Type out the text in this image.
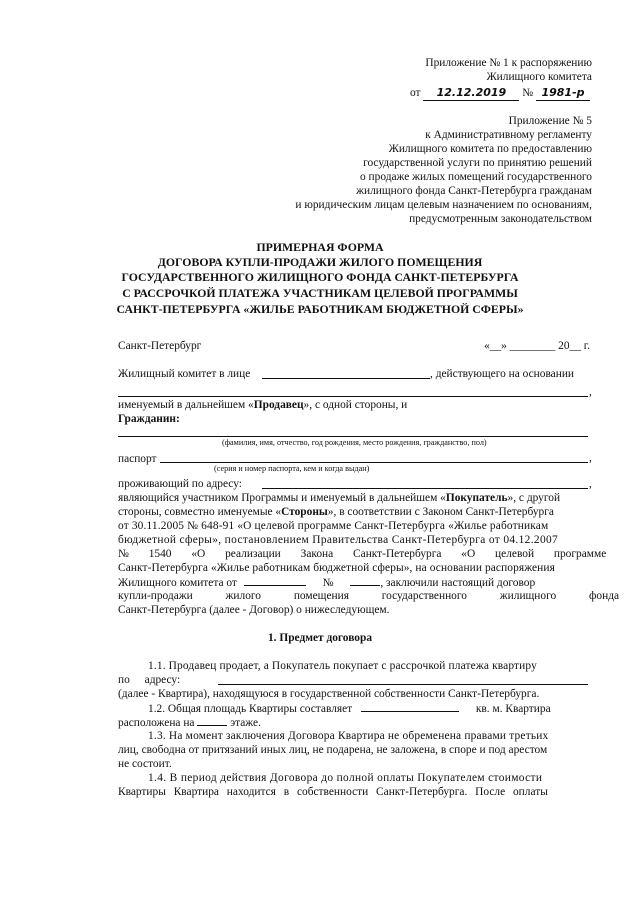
Приложение № 1 к распоряжению
Жилищного комитета
от 12.12.2019 № 1981-р
Приложение № 5
к Административному регламенту
Жилищного комитета по предоставлению
государственной услуги по принятию решений
о продаже жилых помещений государственного
жилищного фонда Санкт-Петербурга гражданам
и юридическим лицам целевым назначением по основаниям,
предусмотренным законодательством
ПРИМЕРНАЯ ФОРМА
ДОГОВОРА КУПЛИ-ПРОДАЖИ ЖИЛОГО ПОМЕЩЕНИЯ
ГОСУДАРСТВЕННОГО ЖИЛИЩНОГО ФОНДА САНКТ-ПЕТЕРБУРГА
С РАССРОЧКОЙ ПЛАТЕЖА УЧАСТНИКАМ ЦЕЛЕВОЙ ПРОГРАММЫ
САНКТ-ПЕТЕРБУРГА «ЖИЛЬЕ РАБОТНИКАМ БЮДЖЕТНОЙ СФЕРЫ»
Санкт-Петербург	«__» ________ 20__ г.
Жилищный комитет в лице	, действующего на основании
,
именуемый в дальнейшем «Продавец», с одной стороны, и
Гражданин:
(фамилия, имя, отчество, год рождения, место рождения, гражданство, пол)
паспорт	,
(серия и номер паспорта, кем и когда выдан)
проживающий по адресу:	,
являющийся участником Программы и именуемый в дальнейшем «Покупатель», с другой
стороны, совместно именуемые «Стороны», в соответствии с Законом Санкт-Петербурга
от 30.11.2005 № 648-91 «О целевой программе Санкт-Петербурга «Жилье работникам
бюджетной сферы», постановлением Правительства Санкт-Петербурга от 04.12.2007
№ 1540 «О реализации Закона Санкт-Петербурга «О целевой программе
Санкт-Петербурга «Жилье работникам бюджетной сферы», на основании распоряжения
Жилищного комитета от	№	, заключили настоящий договор
купли-продажи жилого помещения государственного жилищного фонда
Санкт-Петербурга (далее - Договор) о нижеследующем.
1. Предмет договора
1.1. Продавец продает, а Покупатель покупает с рассрочкой платежа квартиру
по адресу:
(далее - Квартира), находящуюся в государственной собственности Санкт-Петербурга.
1.2. Общая площадь Квартиры составляет	кв. м. Квартира
расположена на	этаже.
1.3. На момент заключения Договора Квартира не обременена правами третьих
лиц, свободна от притязаний иных лиц, не подарена, не заложена, в споре и под арестом
не состоит.
1.4. В период действия Договора до полной оплаты Покупателем стоимости
Квартиры Квартира находится в собственности Санкт-Петербурга. После оплаты
